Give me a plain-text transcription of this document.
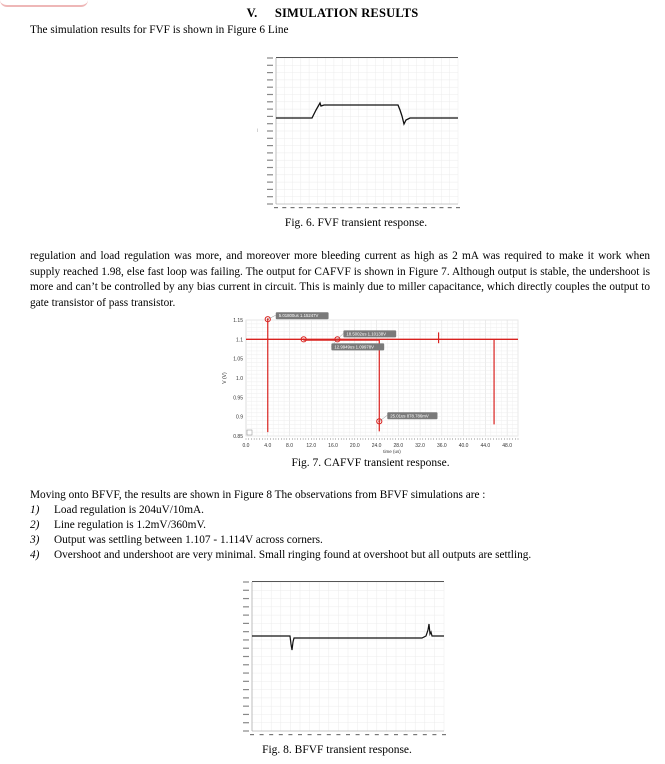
V. SIMULATION RESULTS
The simulation results for FVF is shown in Figure 6 Line
—
Fig. 6. FVF transient response.
regulation and load regulation was more, and moreover more bleeding current as high as 2 mA was required to make it work when supply reached 1.98, else fast loop was failing. The output for CAFVF is shown in Figure 7. Although output is stable, the undershoot is more and can’t be controlled by any bias current in circuit. This is mainly due to miller capacitance, which directly couples the output to gate transistor of pass transistor.
1.15
1.1
1.05
1.0
0.95
0.9
0.85
0.0	4.0	8.0	12.0 16.0 20.0 24.0 28.0 32.0 36.0 40.0 44.0 48.0
time (us)
V (V)
5.01800us 1.15247V
18.5002us 1.10138V
12.9949us 1.09978V
25.01us 878.786mV
Fig. 7. CAFVF transient response.
Moving onto BFVF, the results are shown in Figure 8 The observations from BFVF simulations are :
1) Load regulation is 204uV/10mA.
2) Line regulation is 1.2mV/360mV.
3) Output was settling between 1.107 - 1.114V across corners.
4) Overshoot and undershoot are very minimal. Small ringing found at overshoot but all outputs are settling.
Fig. 8. BFVF transient response.
